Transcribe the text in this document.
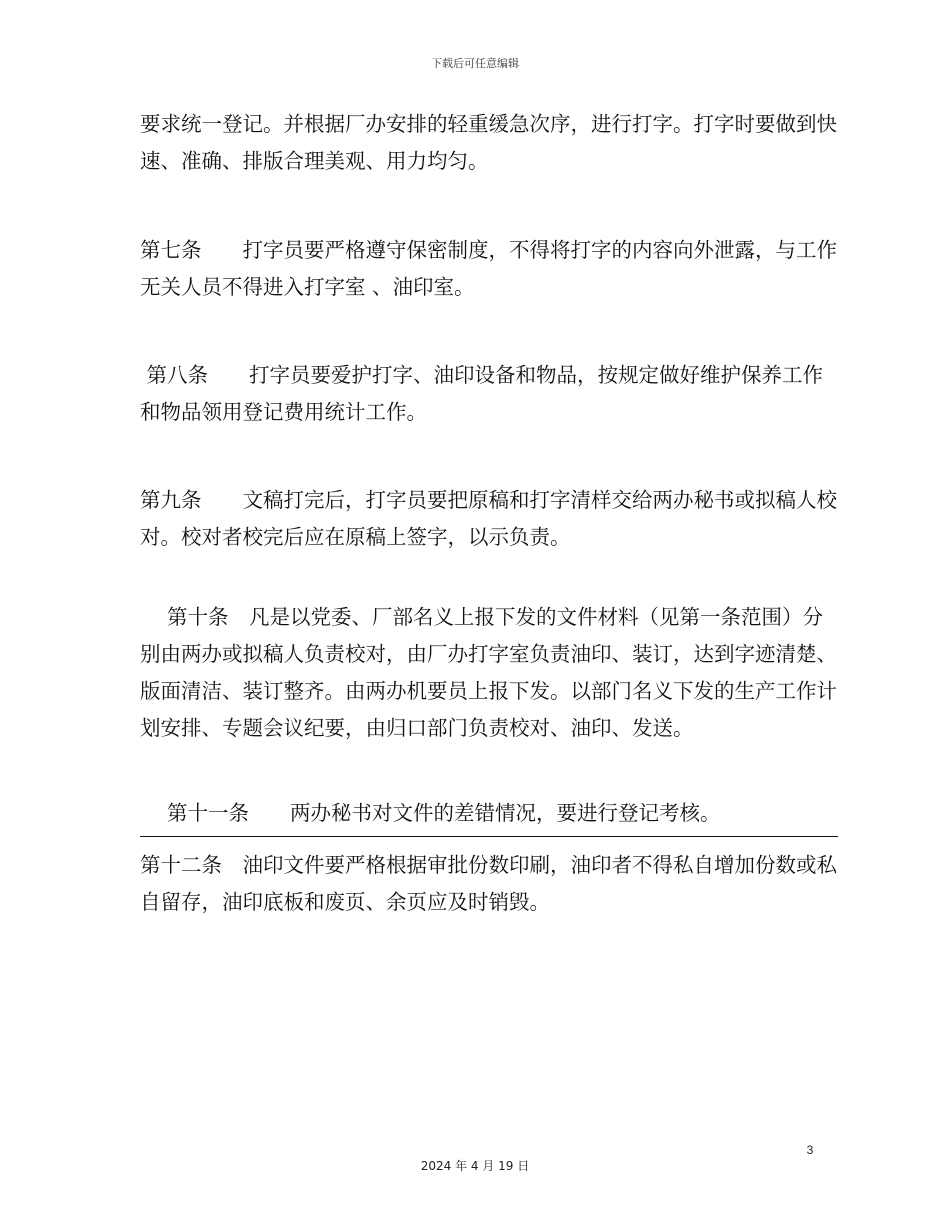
下载后可任意编辑

要求统一登记。并根据厂办安排的轻重缓急次序，进行打字。打字时要做到快速、准确、排版合理美观、用力均匀。

第七条　　打字员要严格遵守保密制度，不得将打字的内容向外泄露，与工作无关人员不得进入打字室 、油印室。

第八条　　打字员要爱护打字、油印设备和物品，按规定做好维护保养工作和物品领用登记费用统计工作。

第九条　　文稿打完后，打字员要把原稿和打字清样交给两办秘书或拟稿人校对。校对者校完后应在原稿上签字，以示负责。

　 第十条　凡是以党委、厂部名义上报下发的文件材料（见第一条范围）分别由两办或拟稿人负责校对，由厂办打字室负责油印、装订，达到字迹清楚、版面清洁、装订整齐。由两办机要员上报下发。以部门名义下发的生产工作计划安排、专题会议纪要，由归口部门负责校对、油印、发送。

　 第十一条　　两办秘书对文件的差错情况，要进行登记考核。

第十二条　油印文件要严格根据审批份数印刷，油印者不得私自增加份数或私自留存，油印底板和废页、余页应及时销毁。

3
2024 年 4 月 19 日
